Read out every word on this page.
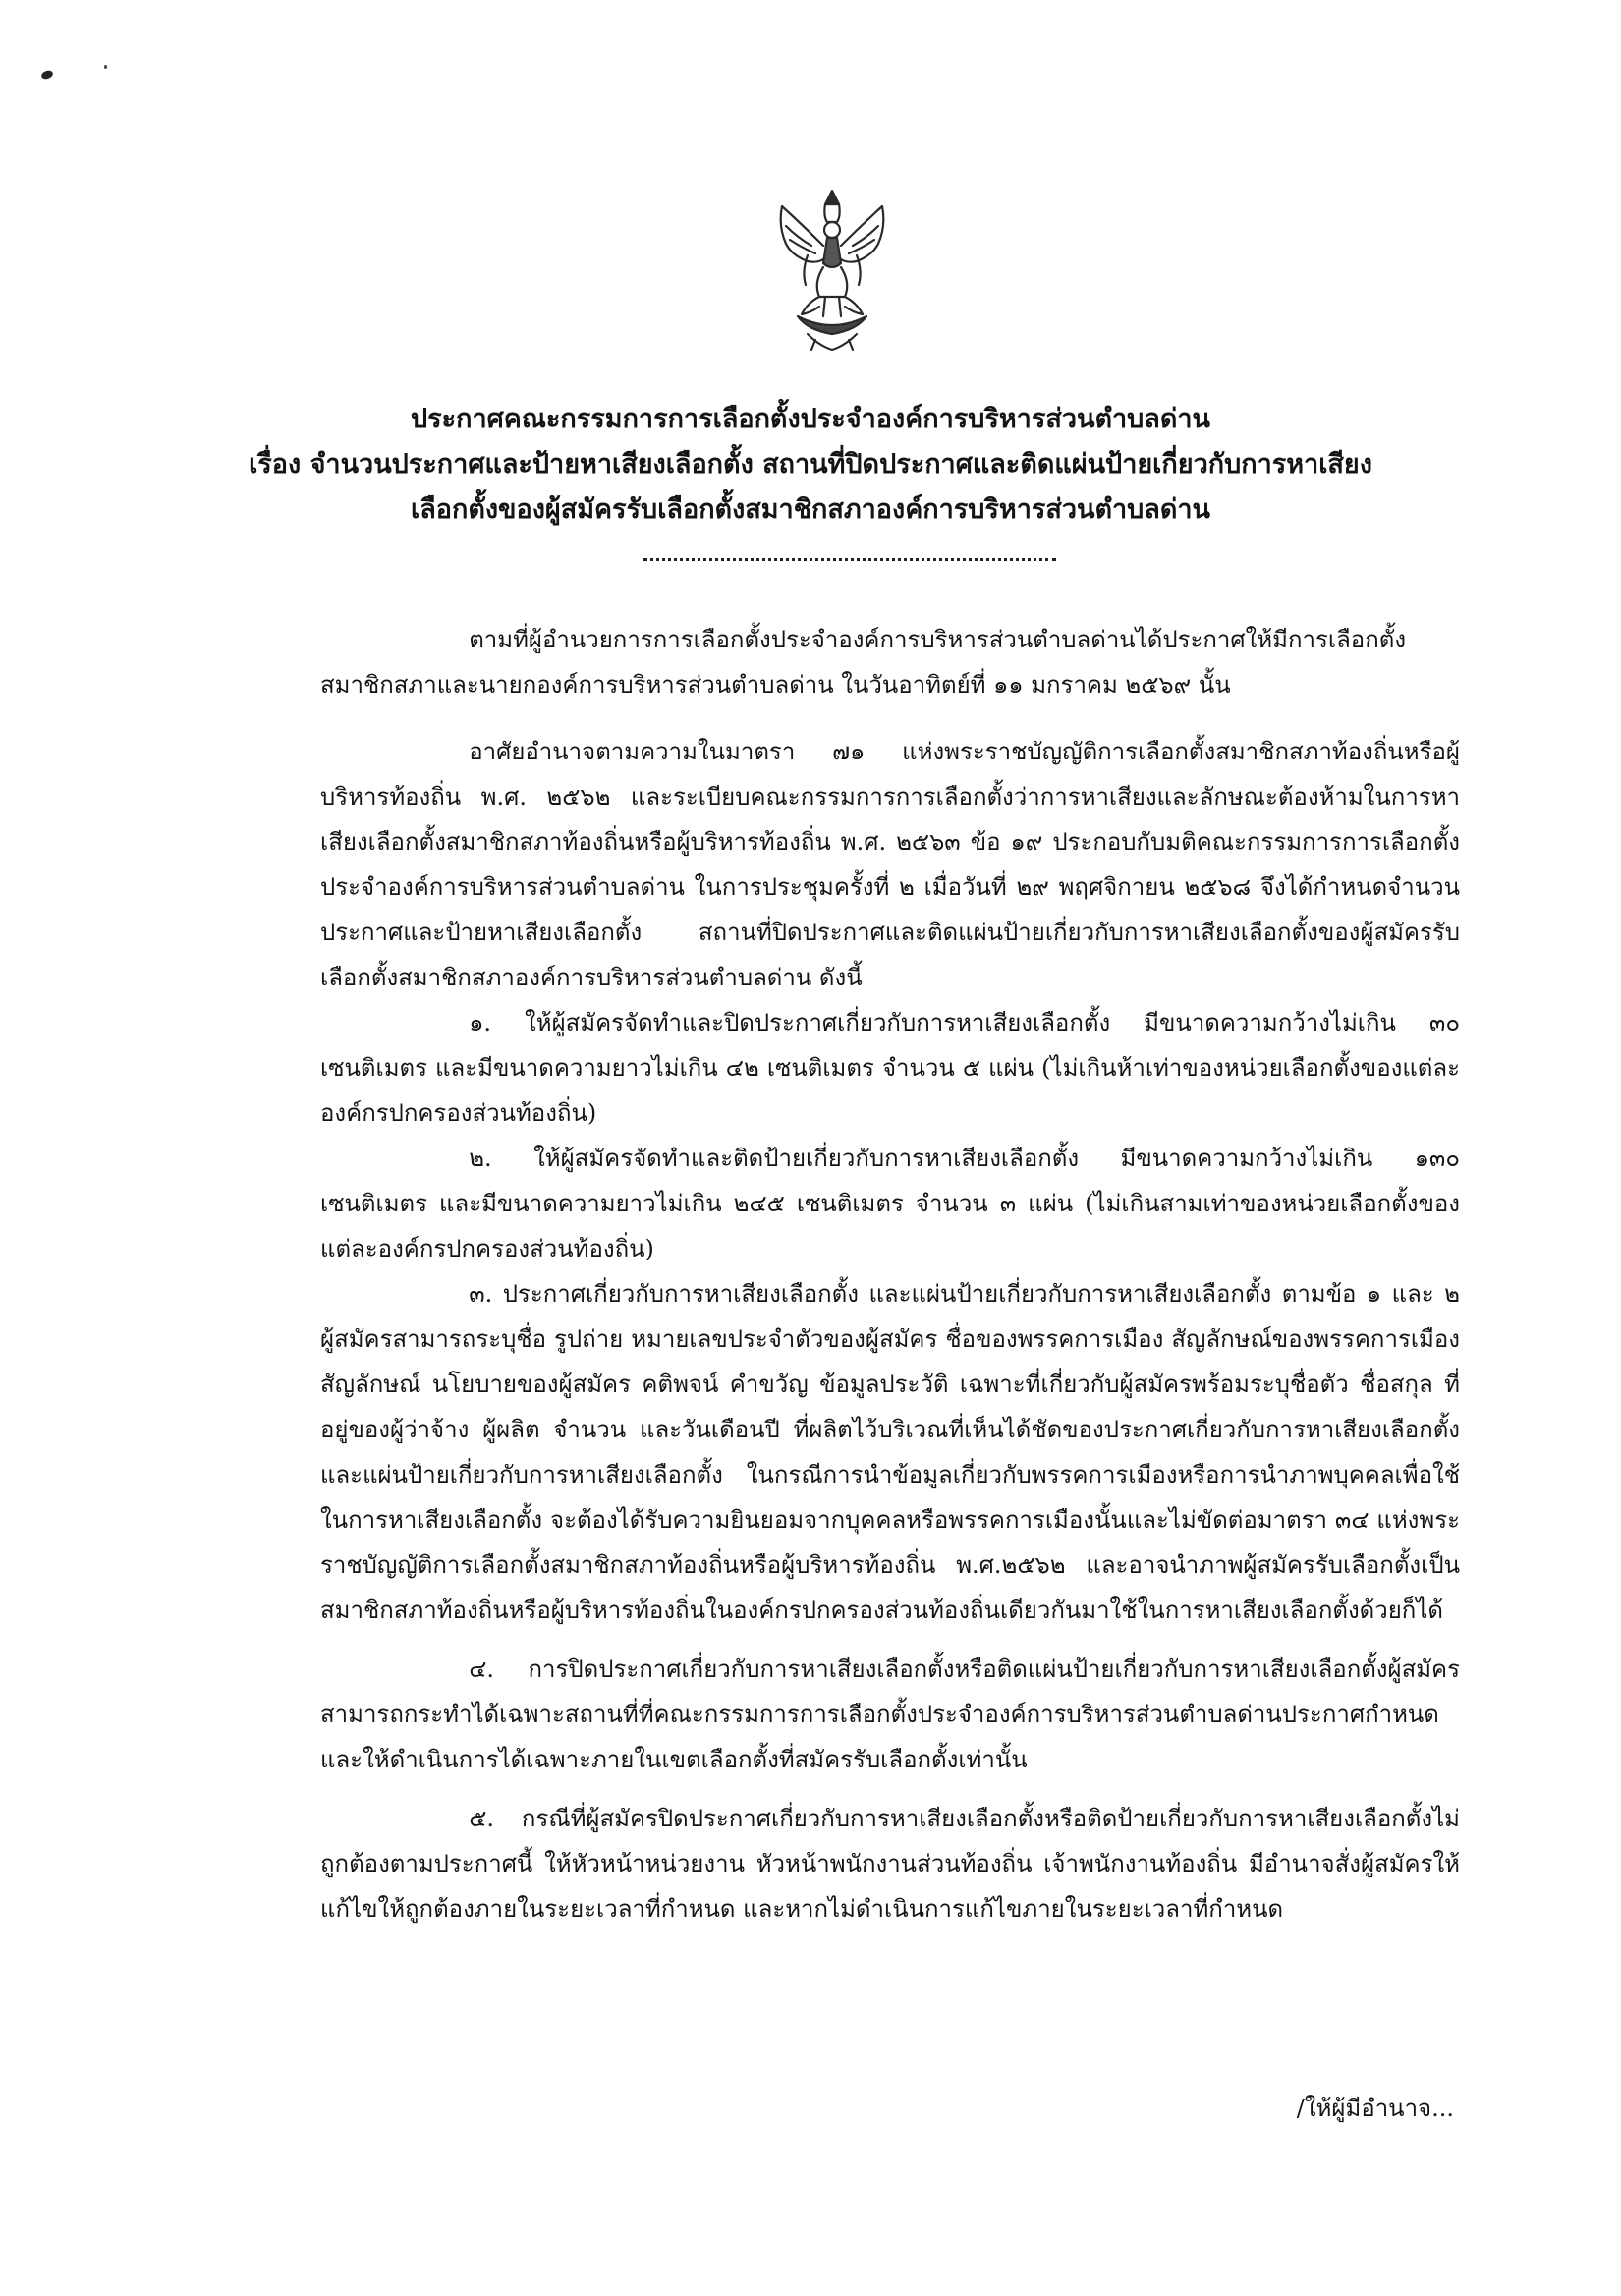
ประกาศคณะกรรมการการเลือกตั้งประจำองค์การบริหารส่วนตำบลด่าน
เรื่อง จำนวนประกาศและป้ายหาเสียงเลือกตั้ง สถานที่ปิดประกาศและติดแผ่นป้ายเกี่ยวกับการหาเสียง
เลือกตั้งของผู้สมัครรับเลือกตั้งสมาชิกสภาองค์การบริหารส่วนตำบลด่าน

ตามที่ผู้อำนวยการการเลือกตั้งประจำองค์การบริหารส่วนตำบลด่านได้ประกาศให้มีการเลือกตั้งสมาชิกสภาและนายกองค์การบริหารส่วนตำบลด่าน ในวันอาทิตย์ที่ ๑๑ มกราคม ๒๕๖๙ นั้น

อาศัยอำนาจตามความในมาตรา ๗๑ แห่งพระราชบัญญัติการเลือกตั้งสมาชิกสภาท้องถิ่นหรือผู้บริหารท้องถิ่น พ.ศ. ๒๕๖๒ และระเบียบคณะกรรมการการเลือกตั้งว่าการหาเสียงและลักษณะต้องห้ามในการหาเสียงเลือกตั้งสมาชิกสภาท้องถิ่นหรือผู้บริหารท้องถิ่น พ.ศ. ๒๕๖๓ ข้อ ๑๙ ประกอบกับมติคณะกรรมการการเลือกตั้งประจำองค์การบริหารส่วนตำบลด่าน ในการประชุมครั้งที่ ๒ เมื่อวันที่ ๒๙ พฤศจิกายน ๒๕๖๘ จึงได้กำหนดจำนวนประกาศและป้ายหาเสียงเลือกตั้ง สถานที่ปิดประกาศและติดแผ่นป้ายเกี่ยวกับการหาเสียงเลือกตั้งของผู้สมัครรับเลือกตั้งสมาชิกสภาองค์การบริหารส่วนตำบลด่าน ดังนี้

๑. ให้ผู้สมัครจัดทำและปิดประกาศเกี่ยวกับการหาเสียงเลือกตั้ง มีขนาดความกว้างไม่เกิน ๓๐ เซนติเมตร และมีขนาดความยาวไม่เกิน ๔๒ เซนติเมตร จำนวน ๕ แผ่น (ไม่เกินห้าเท่าของหน่วยเลือกตั้งของแต่ละองค์กรปกครองส่วนท้องถิ่น)

๒. ให้ผู้สมัครจัดทำและติดป้ายเกี่ยวกับการหาเสียงเลือกตั้ง มีขนาดความกว้างไม่เกิน ๑๓๐ เซนติเมตร และมีขนาดความยาวไม่เกิน ๒๔๕ เซนติเมตร จำนวน ๓ แผ่น (ไม่เกินสามเท่าของหน่วยเลือกตั้งของแต่ละองค์กรปกครองส่วนท้องถิ่น)

๓. ประกาศเกี่ยวกับการหาเสียงเลือกตั้ง และแผ่นป้ายเกี่ยวกับการหาเสียงเลือกตั้ง ตามข้อ ๑ และ ๒ ผู้สมัครสามารถระบุชื่อ รูปถ่าย หมายเลขประจำตัวของผู้สมัคร ชื่อของพรรคการเมือง สัญลักษณ์ของพรรคการเมือง สัญลักษณ์ นโยบายของผู้สมัคร คติพจน์ คำขวัญ ข้อมูลประวัติ เฉพาะที่เกี่ยวกับผู้สมัครพร้อมระบุชื่อตัว ชื่อสกุล ที่อยู่ของผู้ว่าจ้าง ผู้ผลิต จำนวน และวันเดือนปี ที่ผลิตไว้บริเวณที่เห็นได้ชัดของประกาศเกี่ยวกับการหาเสียงเลือกตั้งและแผ่นป้ายเกี่ยวกับการหาเสียงเลือกตั้ง ในกรณีการนำข้อมูลเกี่ยวกับพรรคการเมืองหรือการนำภาพบุคคลเพื่อใช้ในการหาเสียงเลือกตั้ง จะต้องได้รับความยินยอมจากบุคคลหรือพรรคการเมืองนั้นและไม่ขัดต่อมาตรา ๓๔ แห่งพระราชบัญญัติการเลือกตั้งสมาชิกสภาท้องถิ่นหรือผู้บริหารท้องถิ่น พ.ศ.๒๕๖๒ และอาจนำภาพผู้สมัครรับเลือกตั้งเป็นสมาชิกสภาท้องถิ่นหรือผู้บริหารท้องถิ่นในองค์กรปกครองส่วนท้องถิ่นเดียวกันมาใช้ในการหาเสียงเลือกตั้งด้วยก็ได้

๔. การปิดประกาศเกี่ยวกับการหาเสียงเลือกตั้งหรือติดแผ่นป้ายเกี่ยวกับการหาเสียงเลือกตั้งผู้สมัครสามารถกระทำได้เฉพาะสถานที่ที่คณะกรรมการการเลือกตั้งประจำองค์การบริหารส่วนตำบลด่านประกาศกำหนด และให้ดำเนินการได้เฉพาะภายในเขตเลือกตั้งที่สมัครรับเลือกตั้งเท่านั้น

๕. กรณีที่ผู้สมัครปิดประกาศเกี่ยวกับการหาเสียงเลือกตั้งหรือติดป้ายเกี่ยวกับการหาเสียงเลือกตั้งไม่ถูกต้องตามประกาศนี้ ให้หัวหน้าหน่วยงาน หัวหน้าพนักงานส่วนท้องถิ่น เจ้าพนักงานท้องถิ่น มีอำนาจสั่งผู้สมัครให้แก้ไขให้ถูกต้องภายในระยะเวลาที่กำหนด และหากไม่ดำเนินการแก้ไขภายในระยะเวลาที่กำหนด

/ให้ผู้มีอำนาจ...
